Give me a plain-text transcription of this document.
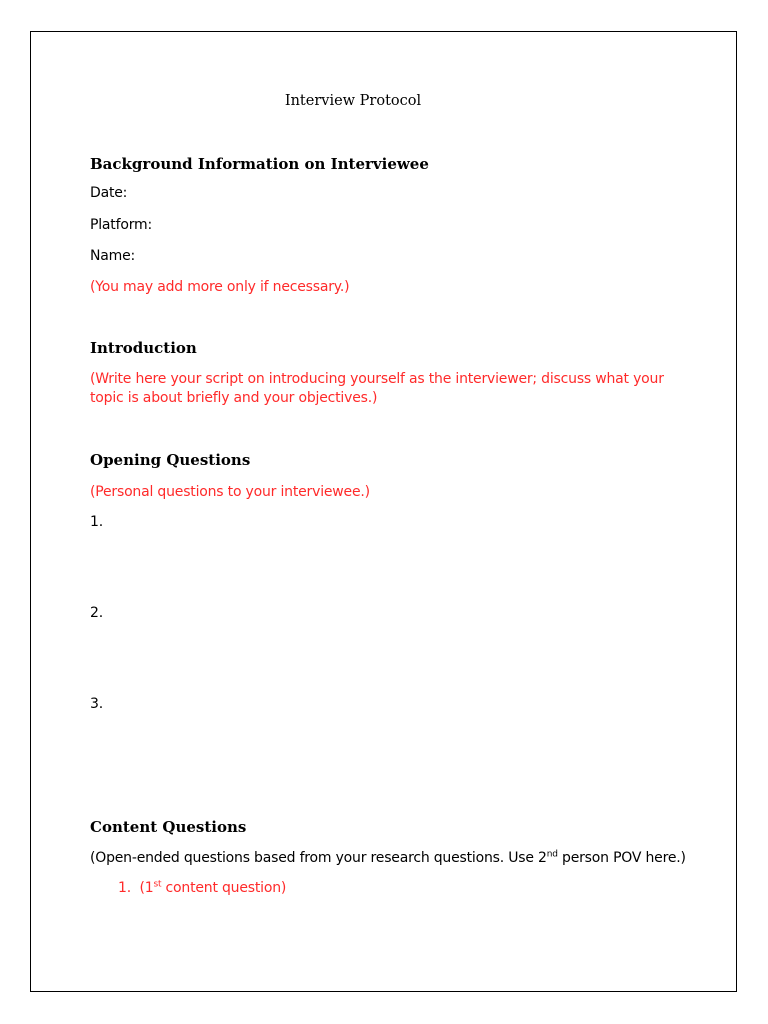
Interview Protocol
Background Information on Interviewee
Date:
Platform:
Name:
(You may add more only if necessary.)
Introduction
(Write here your script on introducing yourself as the interviewer; discuss what your
topic is about briefly and your objectives.)
Opening Questions
(Personal questions to your interviewee.)
1.
2.
3.
Content Questions
(Open-ended questions based from your research questions. Use 2nd person POV here.)
1. (1st content question)
